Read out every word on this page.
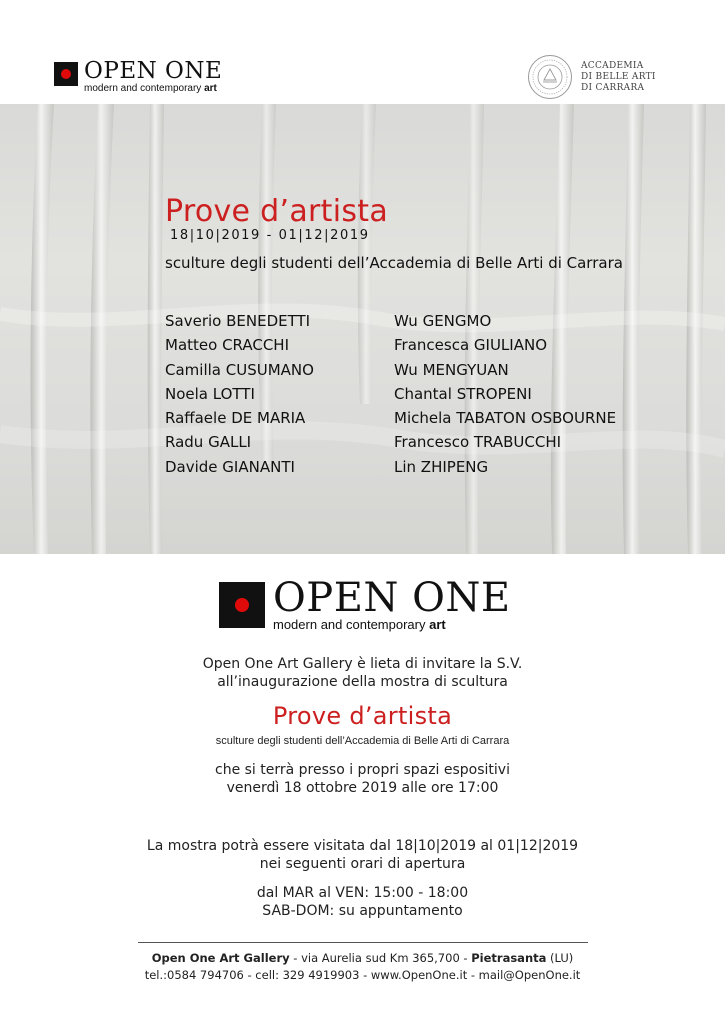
OPEN ONE
modern and contemporary art
ACCADEMIA
DI BELLE ARTI
DI CARRARA
Prove d’artista
18|10|2019 - 01|12|2019
sculture degli studenti dell’Accademia di Belle Arti di Carrara
Saverio BENEDETTI
Matteo CRACCHI
Camilla CUSUMANO
Noela LOTTI
Raffaele DE MARIA
Radu GALLI
Davide GIANANTI
Wu GENGMO
Francesca GIULIANO
Wu MENGYUAN
Chantal STROPENI
Michela TABATON OSBOURNE
Francesco TRABUCCHI
Lin ZHIPENG
OPEN ONE
modern and contemporary art
Open One Art Gallery è lieta di invitare la S.V.
all’inaugurazione della mostra di scultura
Prove d’artista
sculture degli studenti dell’Accademia di Belle Arti di Carrara
che si terrà presso i propri spazi espositivi
venerdì 18 ottobre 2019 alle ore 17:00
La mostra potrà essere visitata dal 18|10|2019 al 01|12|2019
nei seguenti orari di apertura
dal MAR al VEN: 15:00 - 18:00
SAB-DOM: su appuntamento
Open One Art Gallery - via Aurelia sud Km 365,700 - Pietrasanta (LU)
tel.:0584 794706 - cell: 329 4919903 - www.OpenOne.it - mail@OpenOne.it
